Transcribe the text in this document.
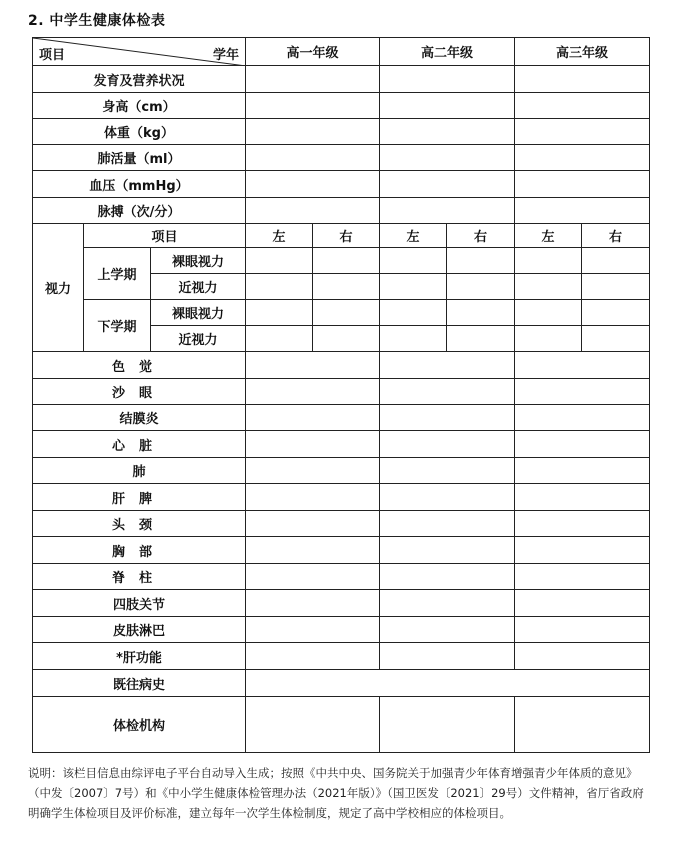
2. 中学生健康体检表
项目 学年			高一年级		高二年级		高三年级	
发育及营养状况								
身高（cm）								
体重（kg）								
肺活量（ml）								
血压（mmHg）								
脉搏（次/分）								
视力	项目		左	右	左	右	左	右
	上学期	裸眼视力						
		近视力						
	下学期	裸眼视力						
		近视力						
色觉								
沙眼								
结膜炎								
心脏								
肺								
肝脾								
头颈								
胸部								
脊柱								
四肢关节								
皮肤淋巴								
*肝功能								
既往病史								
体检机构								
说明：该栏目信息由综评电子平台自动导入生成；按照《中共中央、国务院关于加强青少年体育增强青少年体质的意见》（中发〔2007〕7号）和《中小学生健康体检管理办法（2021年版）》（国卫医发〔2021〕29号）文件精神，省厅省政府明确学生体检项目及评价标准，建立每年一次学生体检制度，规定了高中学校相应的体检项目。
